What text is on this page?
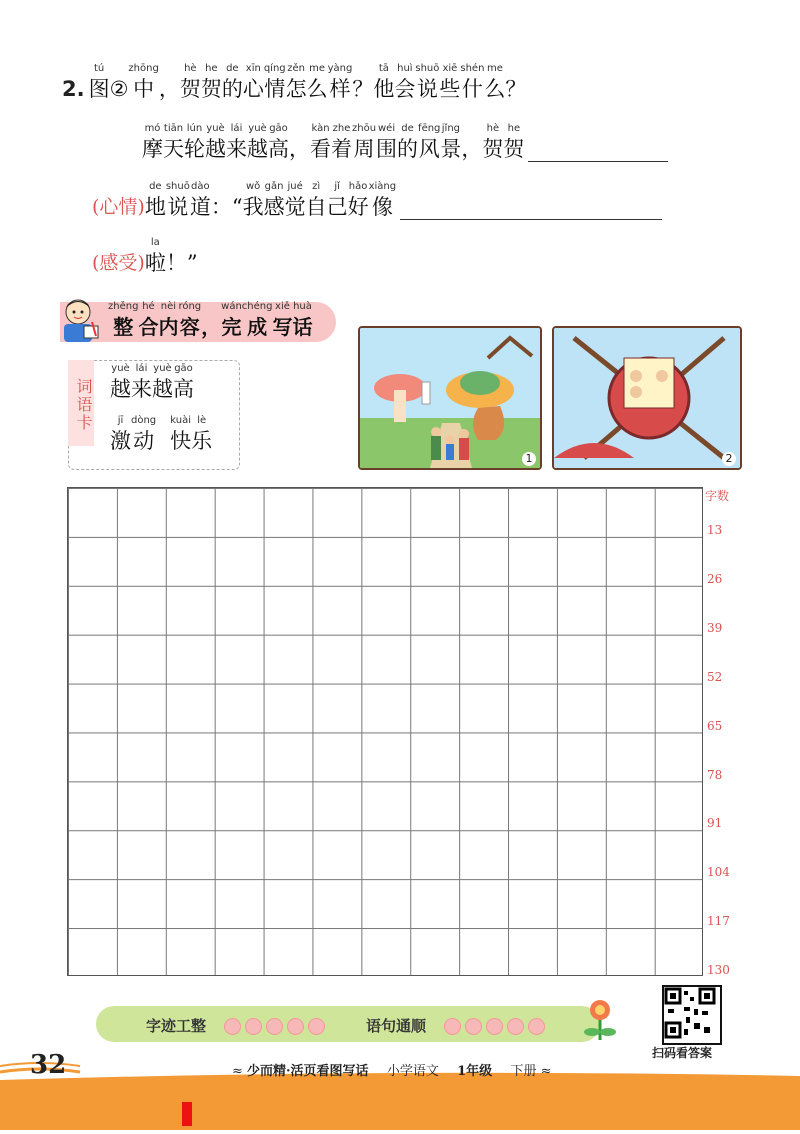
2.
tú
图 ②
zhōng
中 ，
hè
贺
he
贺
de
的
xīn
心
qíng
情
zěn
怎
me
么
yàng
样 ？
tā
他
huì
会
shuō
说
xiē
些
shén
什
me
么 ？
mó
摩
tiān
天
lún
轮
yuè
越
lái
来
yuè
越
gāo
高 ，
kàn
看
zhe
着
zhōu
周
wéi
围
de
的
fēng
风
jǐng
景 ，
hè
贺
he
贺
(心情)
de
地
shuō
说
dào
道 ：“
wǒ
我
gǎn
感
jué
觉
zì
自
jǐ
己
hǎo
好
xiàng
像
(感受)
la
啦 ！”
zhěng
整
hé
合
nèi
内
róng
容 ，
wán
完
chéng
成
xiě
写
huà
话
词语卡
yuè
越
lái
来
yuè
越
gāo
高
jī
激
dòng
动
kuài
快
lè
乐
1	2
字数
13
26
39
52
65
78
91
104
117
130
字迹工整	语句通顺
扫码看答案
32	≈ 少而精·活页看图写话 小学语文 1年级 下册 ≈
